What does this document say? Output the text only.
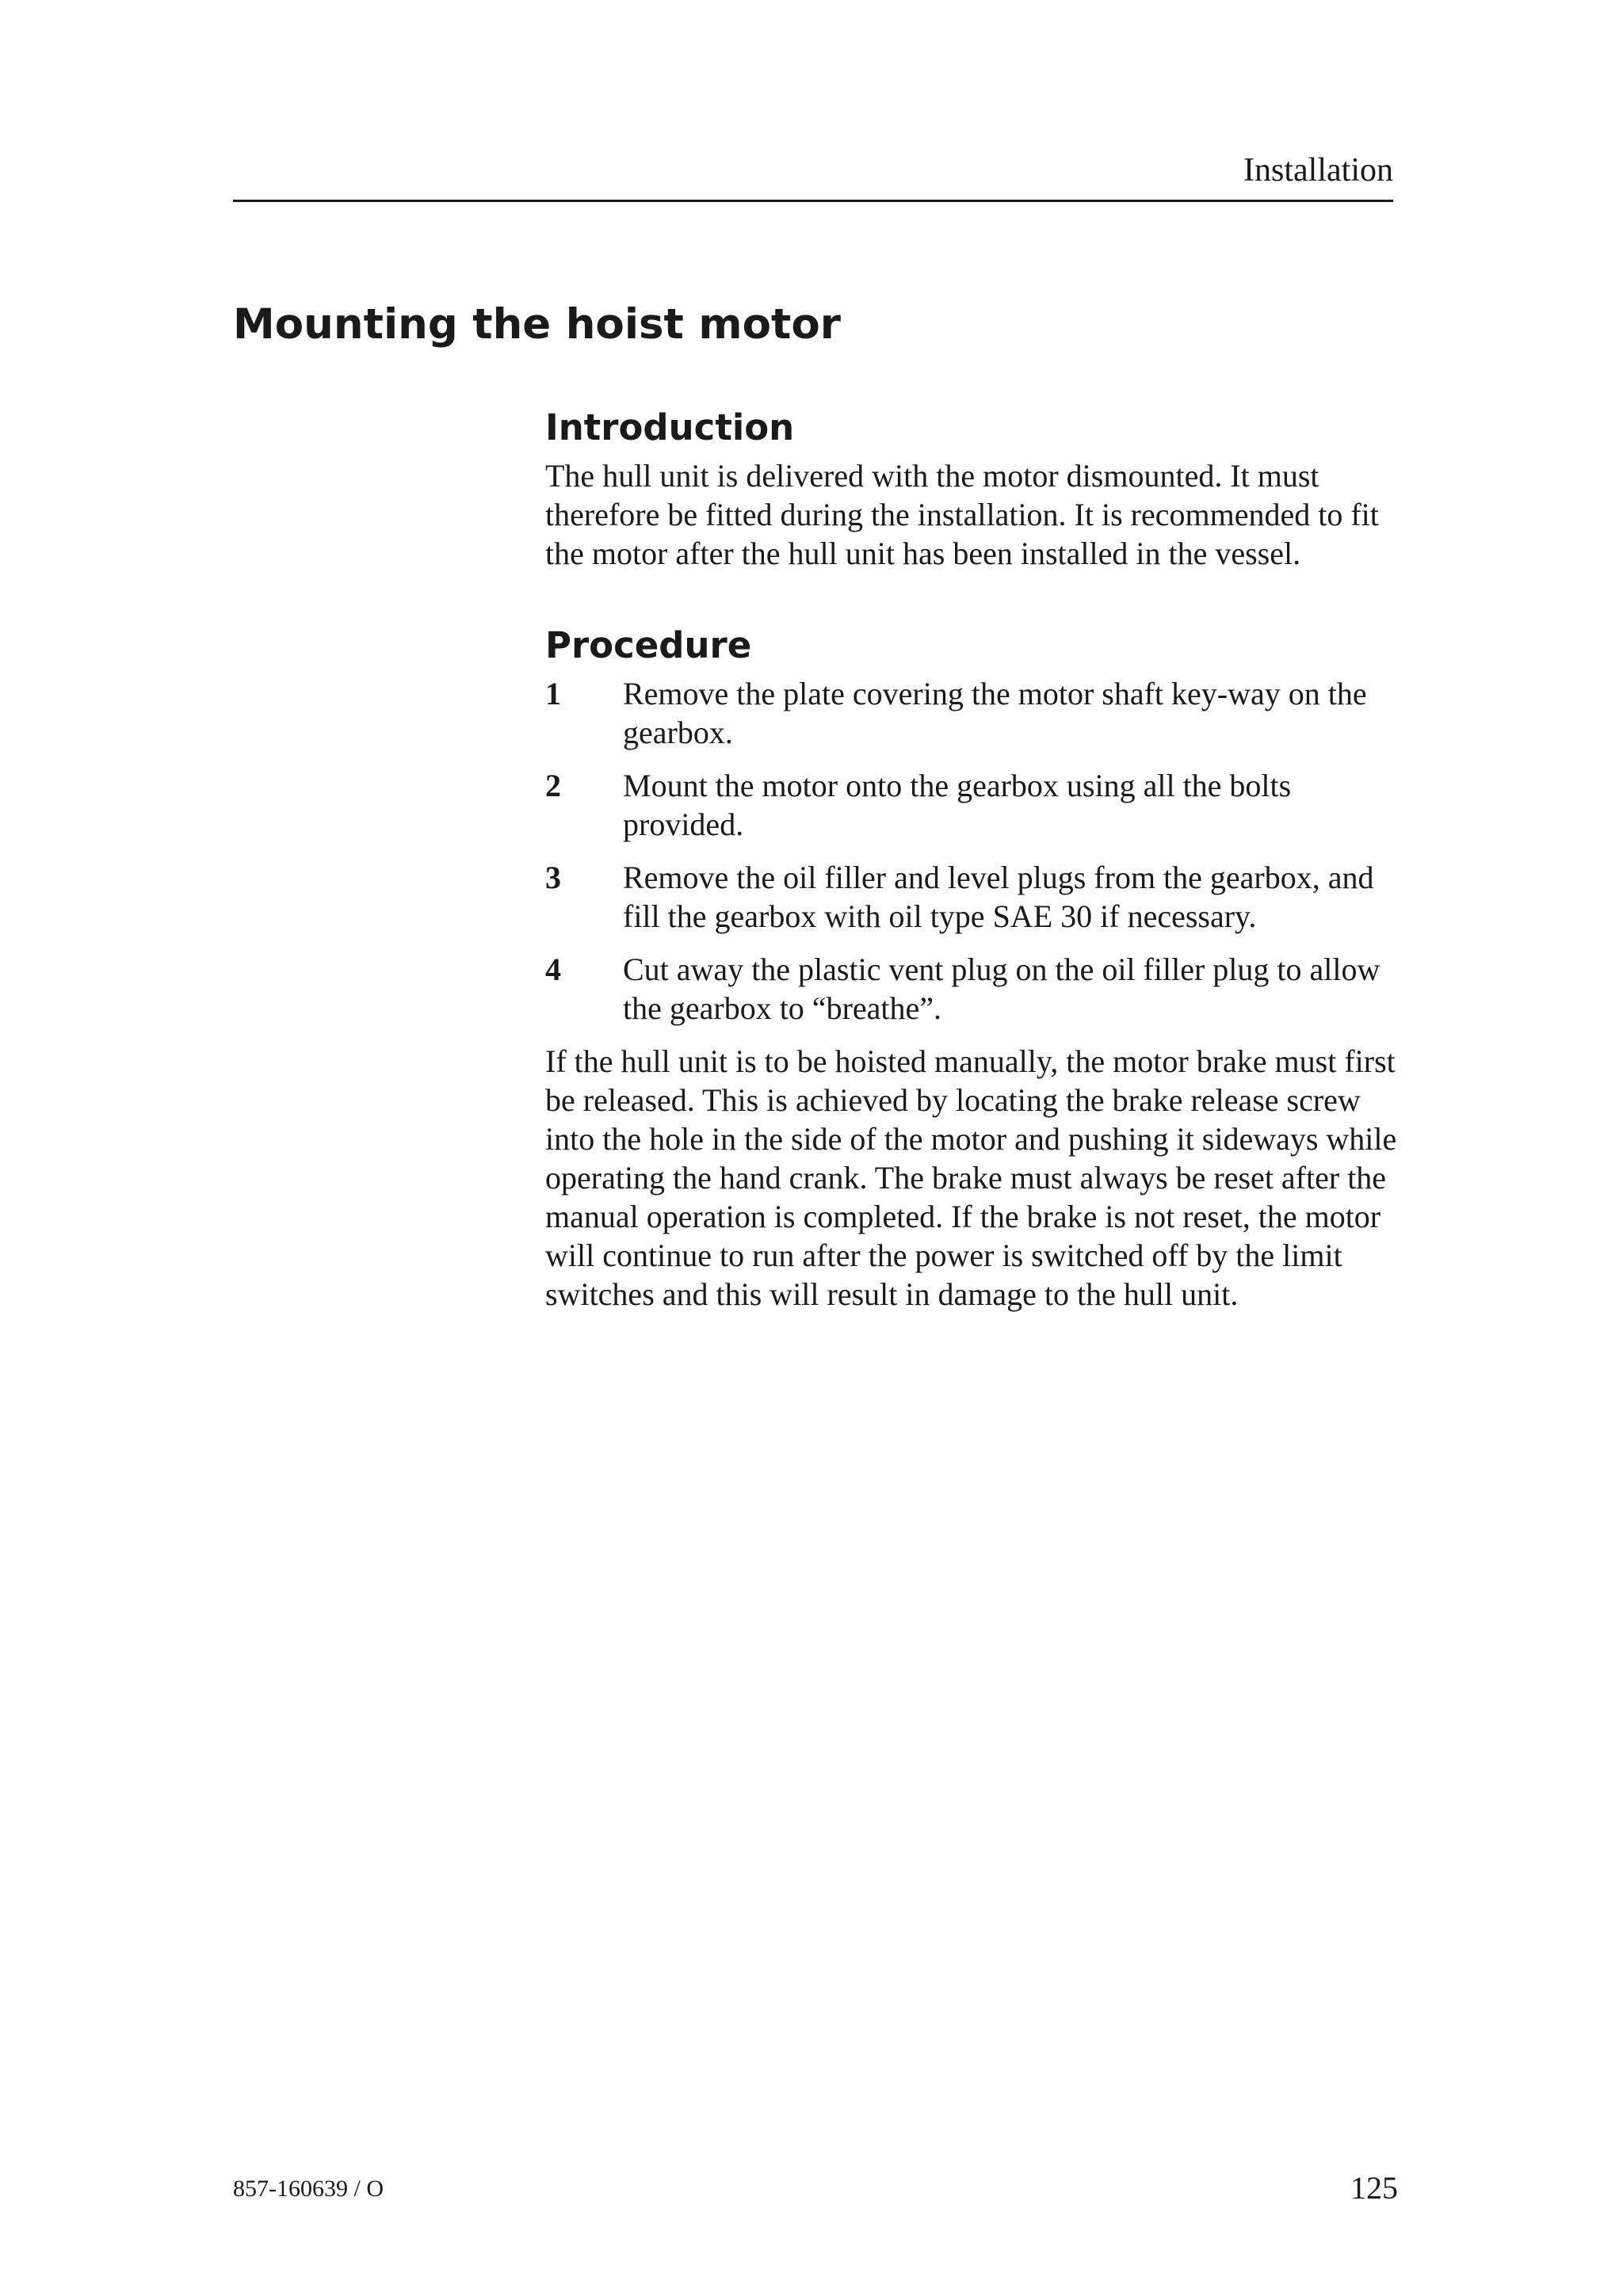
Installation
Mounting the hoist motor
Introduction

The hull unit is delivered with the motor dismounted. It must therefore be fitted during the installation. It is recommended to fit the motor after the hull unit has been installed in the vessel.

Procedure
1	Remove the plate covering the motor shaft key-way on the gearbox.
2	Mount the motor onto the gearbox using all the bolts provided.
3	Remove the oil filler and level plugs from the gearbox, and fill the gearbox with oil type SAE 30 if necessary.
4	Cut away the plastic vent plug on the oil filler plug to allow the gearbox to “breathe”.

If the hull unit is to be hoisted manually, the motor brake must first be released. This is achieved by locating the brake release screw into the hole in the side of the motor and pushing it sideways while operating the hand crank. The brake must always be reset after the manual operation is completed. If the brake is not reset, the motor will continue to run after the power is switched off by the limit switches and this will result in damage to the hull unit.

857-160639 / O	125
